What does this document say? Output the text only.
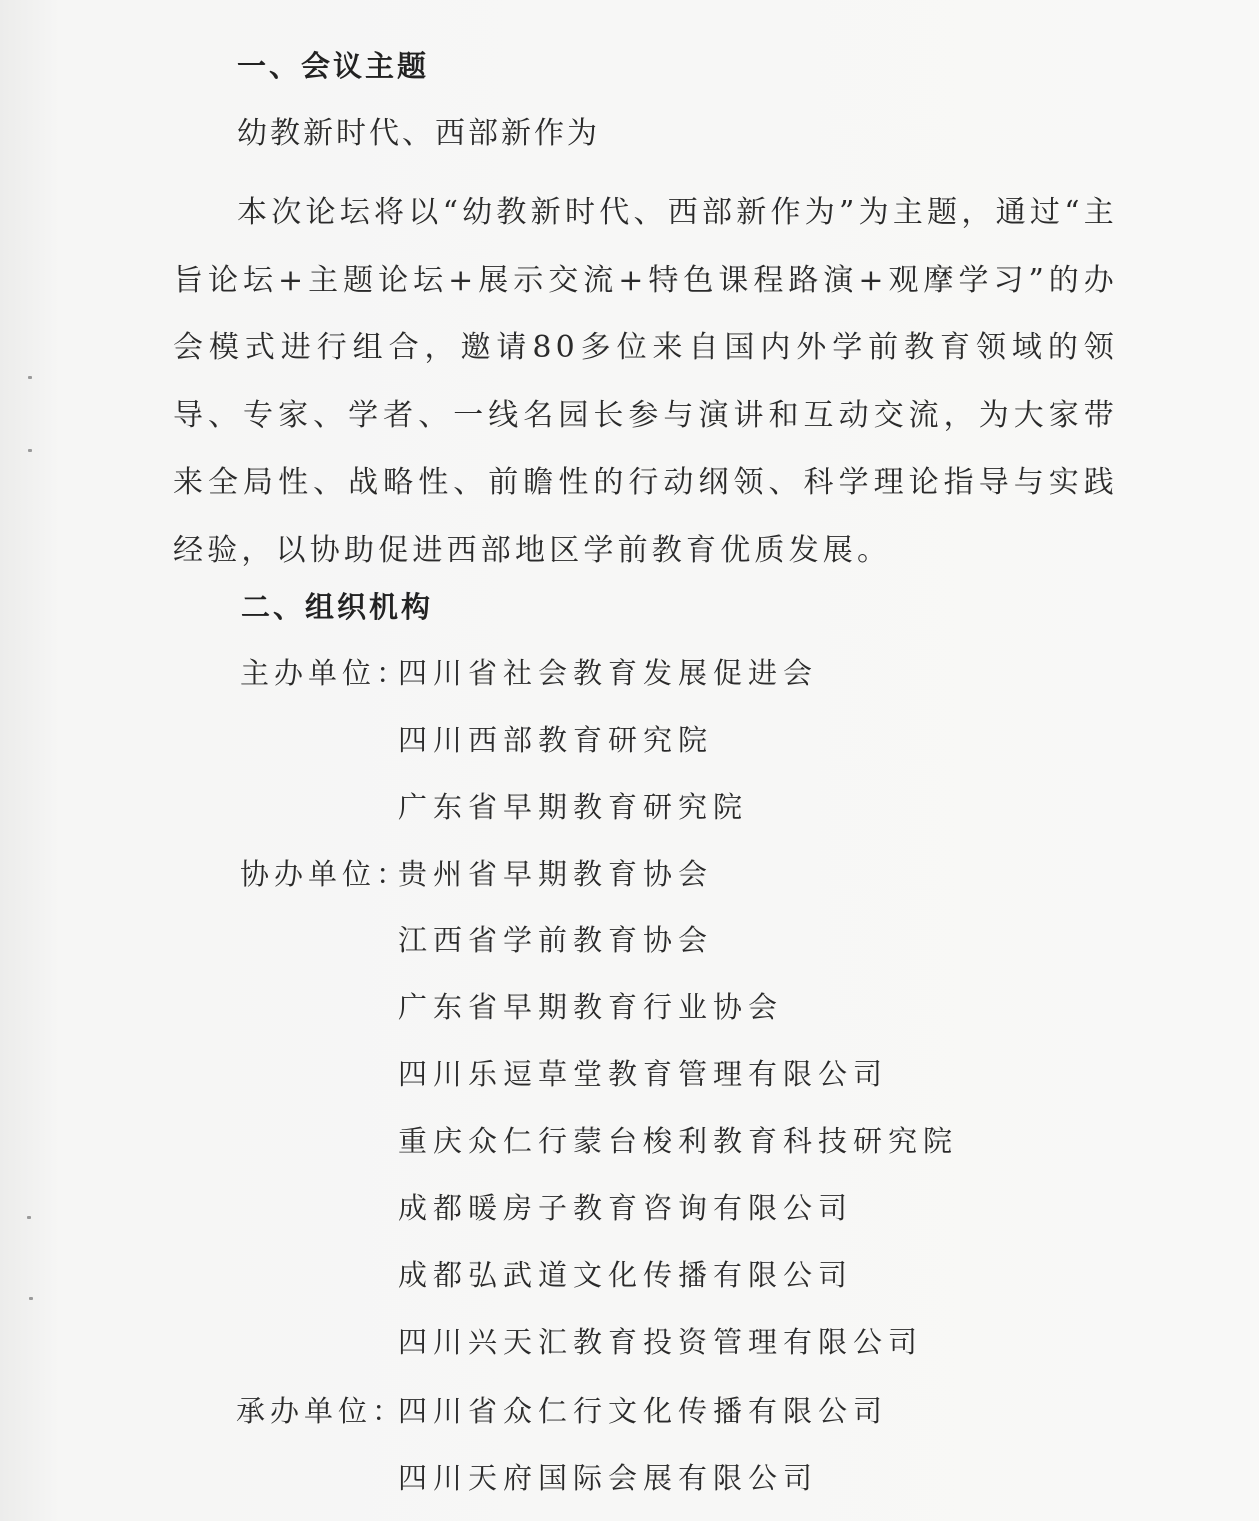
一、会议主题
幼教新时代、西部新作为
本次论坛将以“幼教新时代、西部新作为”为主题，通过“主旨论坛+主题论坛+展示交流+特色课程路演+观摩学习”的办会模式进行组合，邀请80多位来自国内外学前教育领域的领导、专家、学者、一线名园长参与演讲和互动交流，为大家带来全局性、战略性、前瞻性的行动纲领、科学理论指导与实践经验，以协助促进西部地区学前教育优质发展。
二、组织机构
主办单位：
四川省社会教育发展促进会
四川西部教育研究院
广东省早期教育研究院
协办单位：
贵州省早期教育协会
江西省学前教育协会
广东省早期教育行业协会
四川乐逗草堂教育管理有限公司
重庆众仁行蒙台梭利教育科技研究院
成都暖房子教育咨询有限公司
成都弘武道文化传播有限公司
四川兴天汇教育投资管理有限公司
承办单位：
四川省众仁行文化传播有限公司
四川天府国际会展有限公司
